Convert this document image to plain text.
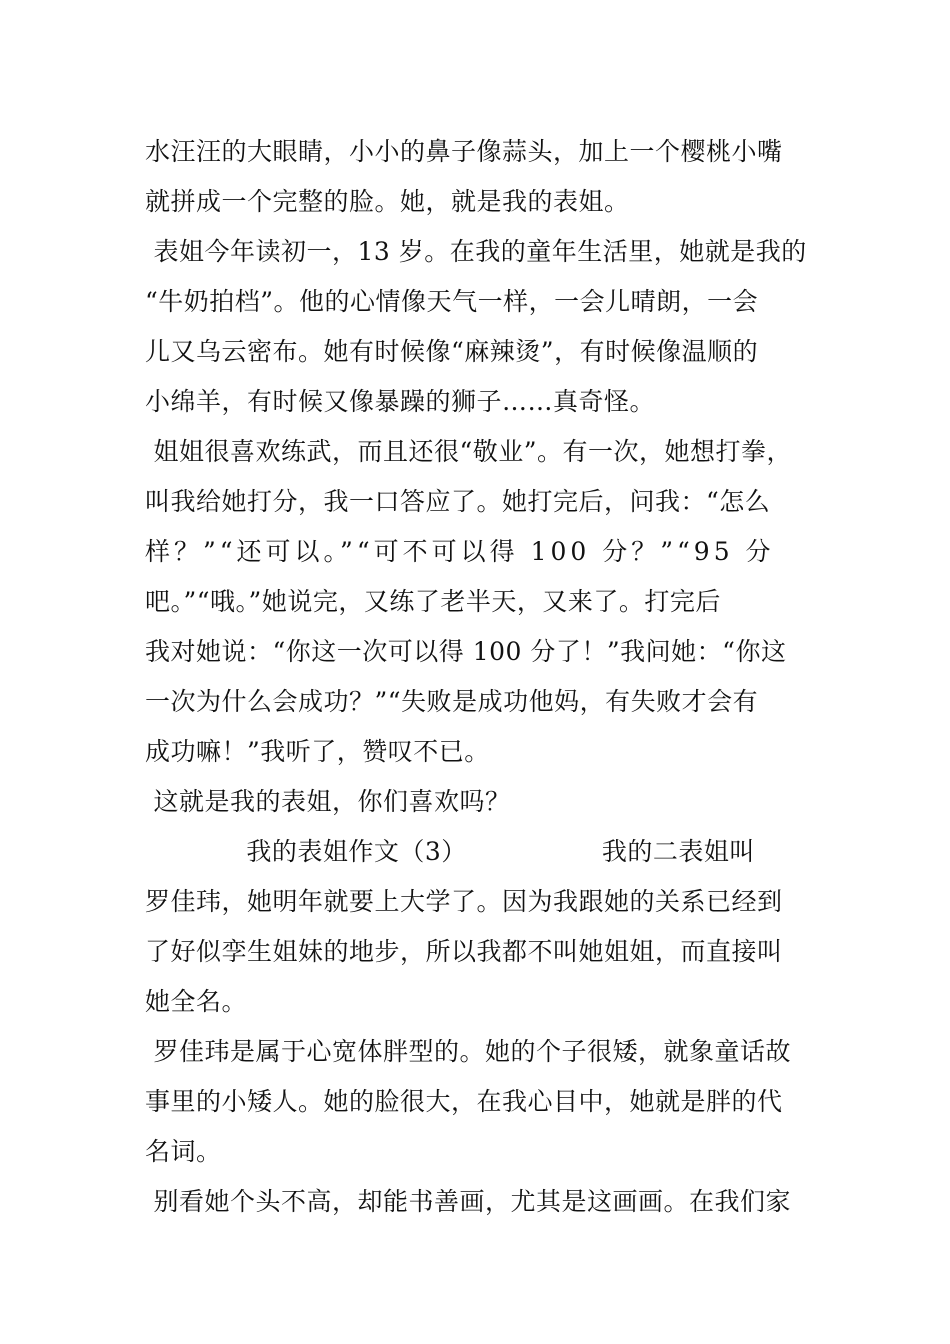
水汪汪的大眼睛，小小的鼻子像蒜头，加上一个樱桃小嘴
就拼成一个完整的脸。她，就是我的表姐。
表姐今年读初一，13 岁。在我的童年生活里，她就是我的
“牛奶拍档”。他的心情像天气一样，一会儿晴朗，一会
儿又乌云密布。她有时候像“麻辣烫”，有时候像温顺的
小绵羊，有时候又像暴躁的狮子……真奇怪。
姐姐很喜欢练武，而且还很“敬业”。有一次，她想打拳，
叫我给她打分，我一口答应了。她打完后，问我：“怎么
样？”“还可以。”“可不可以得 100 分？”“95 分
吧。”“哦。”她说完，又练了老半天，又来了。打完后
我对她说：“你这一次可以得 100 分了！”我问她：“你这
一次为什么会成功？”“失败是成功他妈，有失败才会有
成功嘛！”我听了，赞叹不已。
这就是我的表姐，你们喜欢吗？
我的表姐作文（3）                我的二表姐叫
罗佳玮，她明年就要上大学了。因为我跟她的关系已经到
了好似孪生姐妹的地步，所以我都不叫她姐姐，而直接叫
她全名。
罗佳玮是属于心宽体胖型的。她的个子很矮，就象童话故
事里的小矮人。她的脸很大，在我心目中，她就是胖的代
名词。
别看她个头不高，却能书善画，尤其是这画画。在我们家
